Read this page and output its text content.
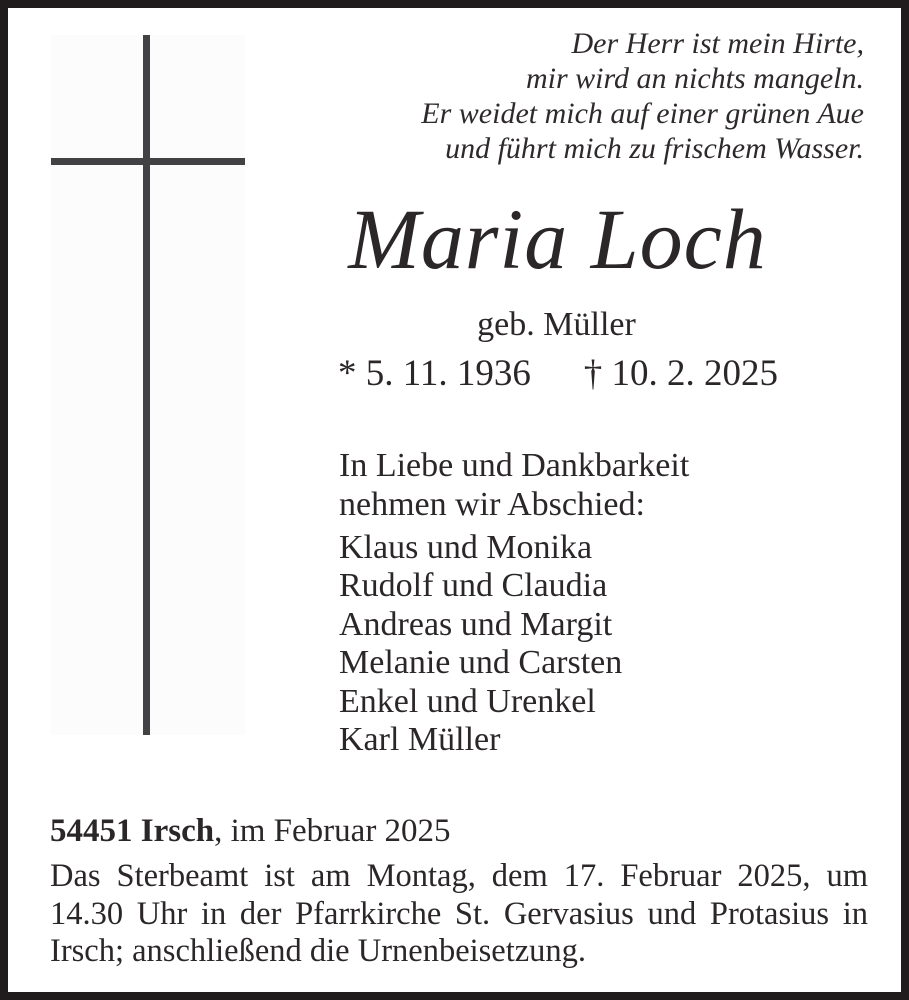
Der Herr ist mein Hirte,
mir wird an nichts mangeln.
Er weidet mich auf einer grünen Aue
und führt mich zu frischem Wasser.
Maria Loch
geb. Müller
* 5. 11. 1936 † 10. 2. 2025
In Liebe und Dankbarkeit
nehmen wir Abschied:
Klaus und Monika
Rudolf und Claudia
Andreas und Margit
Melanie und Carsten
Enkel und Urenkel
Karl Müller
54451 Irsch, im Februar 2025
Das Sterbeamt ist am Montag, dem 17. Februar 2025, um
14.30 Uhr in der Pfarrkirche St. Gervasius und Protasius in
Irsch; anschließend die Urnenbeisetzung.
